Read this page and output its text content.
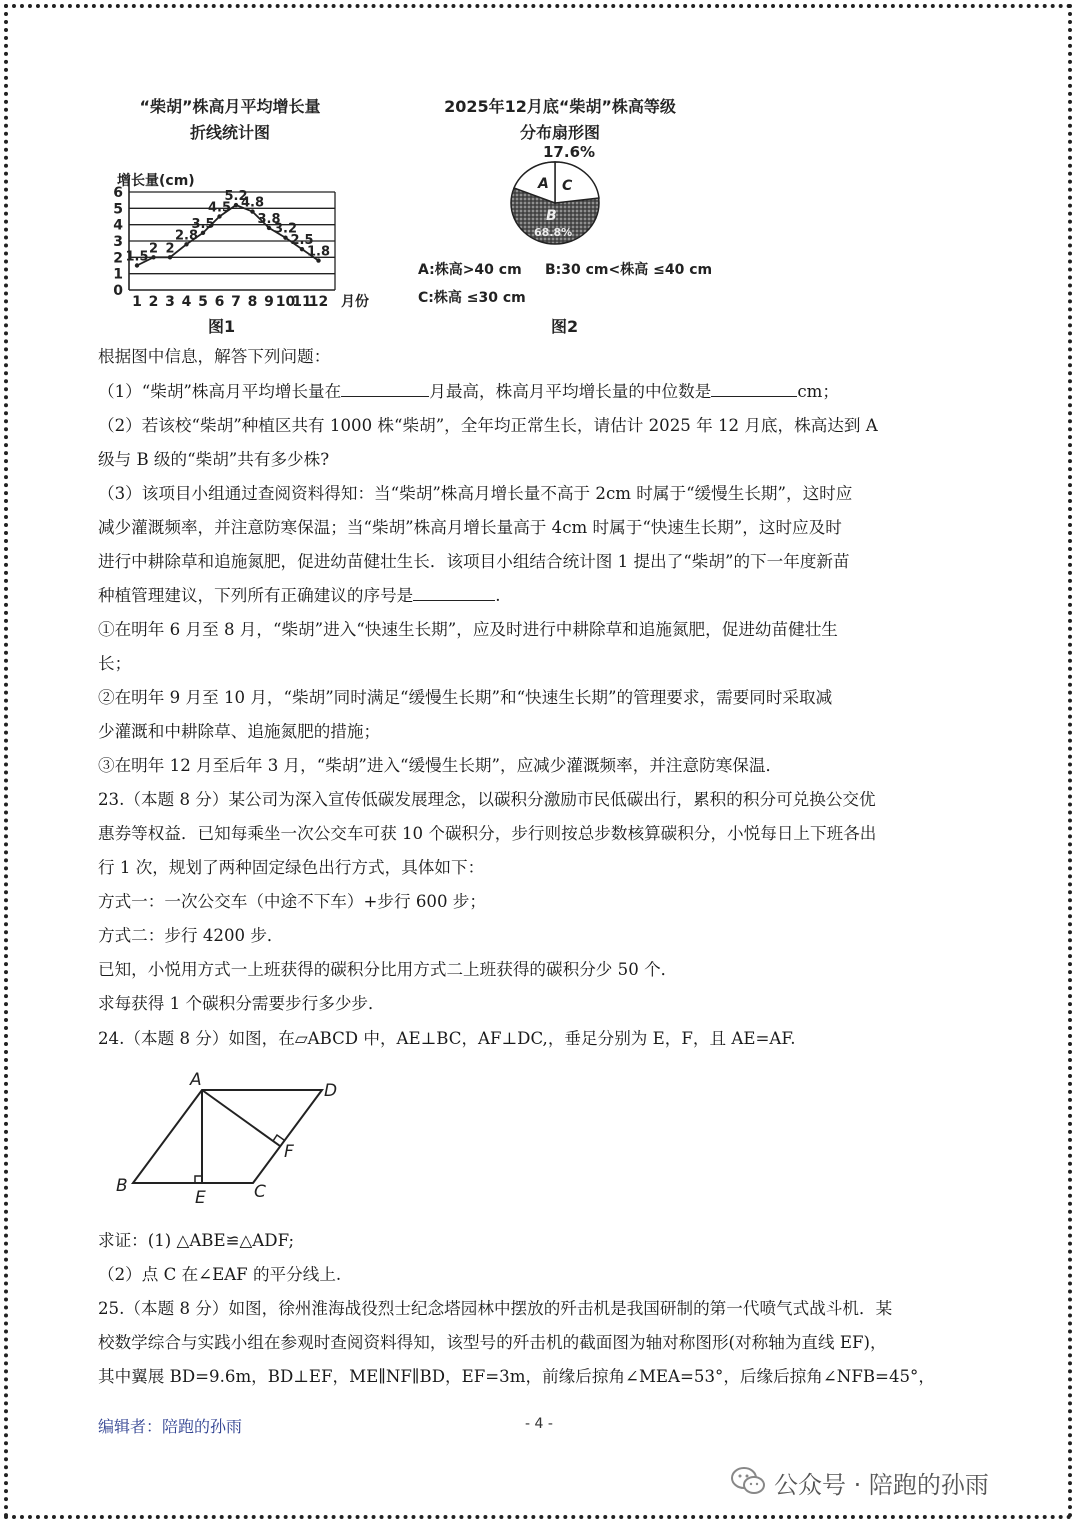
“柴胡”株高月平均增长量
折线统计图
0
1
2
3
4
5
6
1 2 3 4 5 6 7 8 9 10
11
12
1.5
2 2
2.8
3.5
4.5
5.2
4.8
3.8
3.2
2.5
1.8
增长量(cm)
月份
图1
2025年12月底“柴胡”株高等级
分布扇形图
17.6%
A C
B
68.8%
A:株高>40 cm B:30 cm<株高 ≤40 cm
C:株高 ≤30 cm
图2
根据图中信息，解答下列问题：
（1）“柴胡”株高月平均增长量在	月最高，株高月平均增长量的中位数是	cm；
（2）若该校“柴胡”种植区共有 1000 株“柴胡”，全年均正常生长，请估计 2025 年 12 月底，株高达到 A
级与 B 级的“柴胡”共有多少株?
（3）该项目小组通过查阅资料得知：当“柴胡”株高月增长量不高于 2cm 时属于“缓慢生长期”，这时应
减少灌溉频率，并注意防寒保温；当“柴胡”株高月增长量高于 4cm 时属于“快速生长期”，这时应及时
进行中耕除草和追施氮肥，促进幼苗健壮生长．该项目小组结合统计图 1 提出了“柴胡”的下一年度新苗
种植管理建议，下列所有正确建议的序号是	.
①在明年 6 月至 8 月，“柴胡”进入“快速生长期”，应及时进行中耕除草和追施氮肥，促进幼苗健壮生
长；
②在明年 9 月至 10 月，“柴胡”同时满足“缓慢生长期”和“快速生长期”的管理要求，需要同时采取减
少灌溉和中耕除草、追施氮肥的措施；
③在明年 12 月至后年 3 月，“柴胡”进入“缓慢生长期”，应减少灌溉频率，并注意防寒保温．
23.（本题 8 分）某公司为深入宣传低碳发展理念，以碳积分激励市民低碳出行，累积的积分可兑换公交优
惠券等权益．已知每乘坐一次公交车可获 10 个碳积分，步行则按总步数核算碳积分，小悦每日上下班各出
行 1 次，规划了两种固定绿色出行方式，具体如下：
方式一：一次公交车（中途不下车）+步行 600 步；
方式二：步行 4200 步．
已知，小悦用方式一上班获得的碳积分比用方式二上班获得的碳积分少 50 个．
求每获得 1 个碳积分需要步行多少步．
24.（本题 8 分）如图，在▱ABCD 中，AE⊥BC，AF⊥DC,，垂足分别为 E，F，且 AE=AF.
A
B	C
D
E
F
求证：(1) △ABE≌△ADF;
（2）点 C 在∠EAF 的平分线上.
25.（本题 8 分）如图，徐州淮海战役烈士纪念塔园林中摆放的歼击机是我国研制的第一代喷气式战斗机．某
校数学综合与实践小组在参观时查阅资料得知，该型号的歼击机的截面图为轴对称图形(对称轴为直线 EF)，
其中翼展 BD=9.6m，BD⊥EF，ME∥NF∥BD，EF=3m，前缘后掠角∠MEA=53°，后缘后掠角∠NFB=45°，
编辑者：陪跑的孙雨	- 4 -
公众号 · 陪跑的孙雨
